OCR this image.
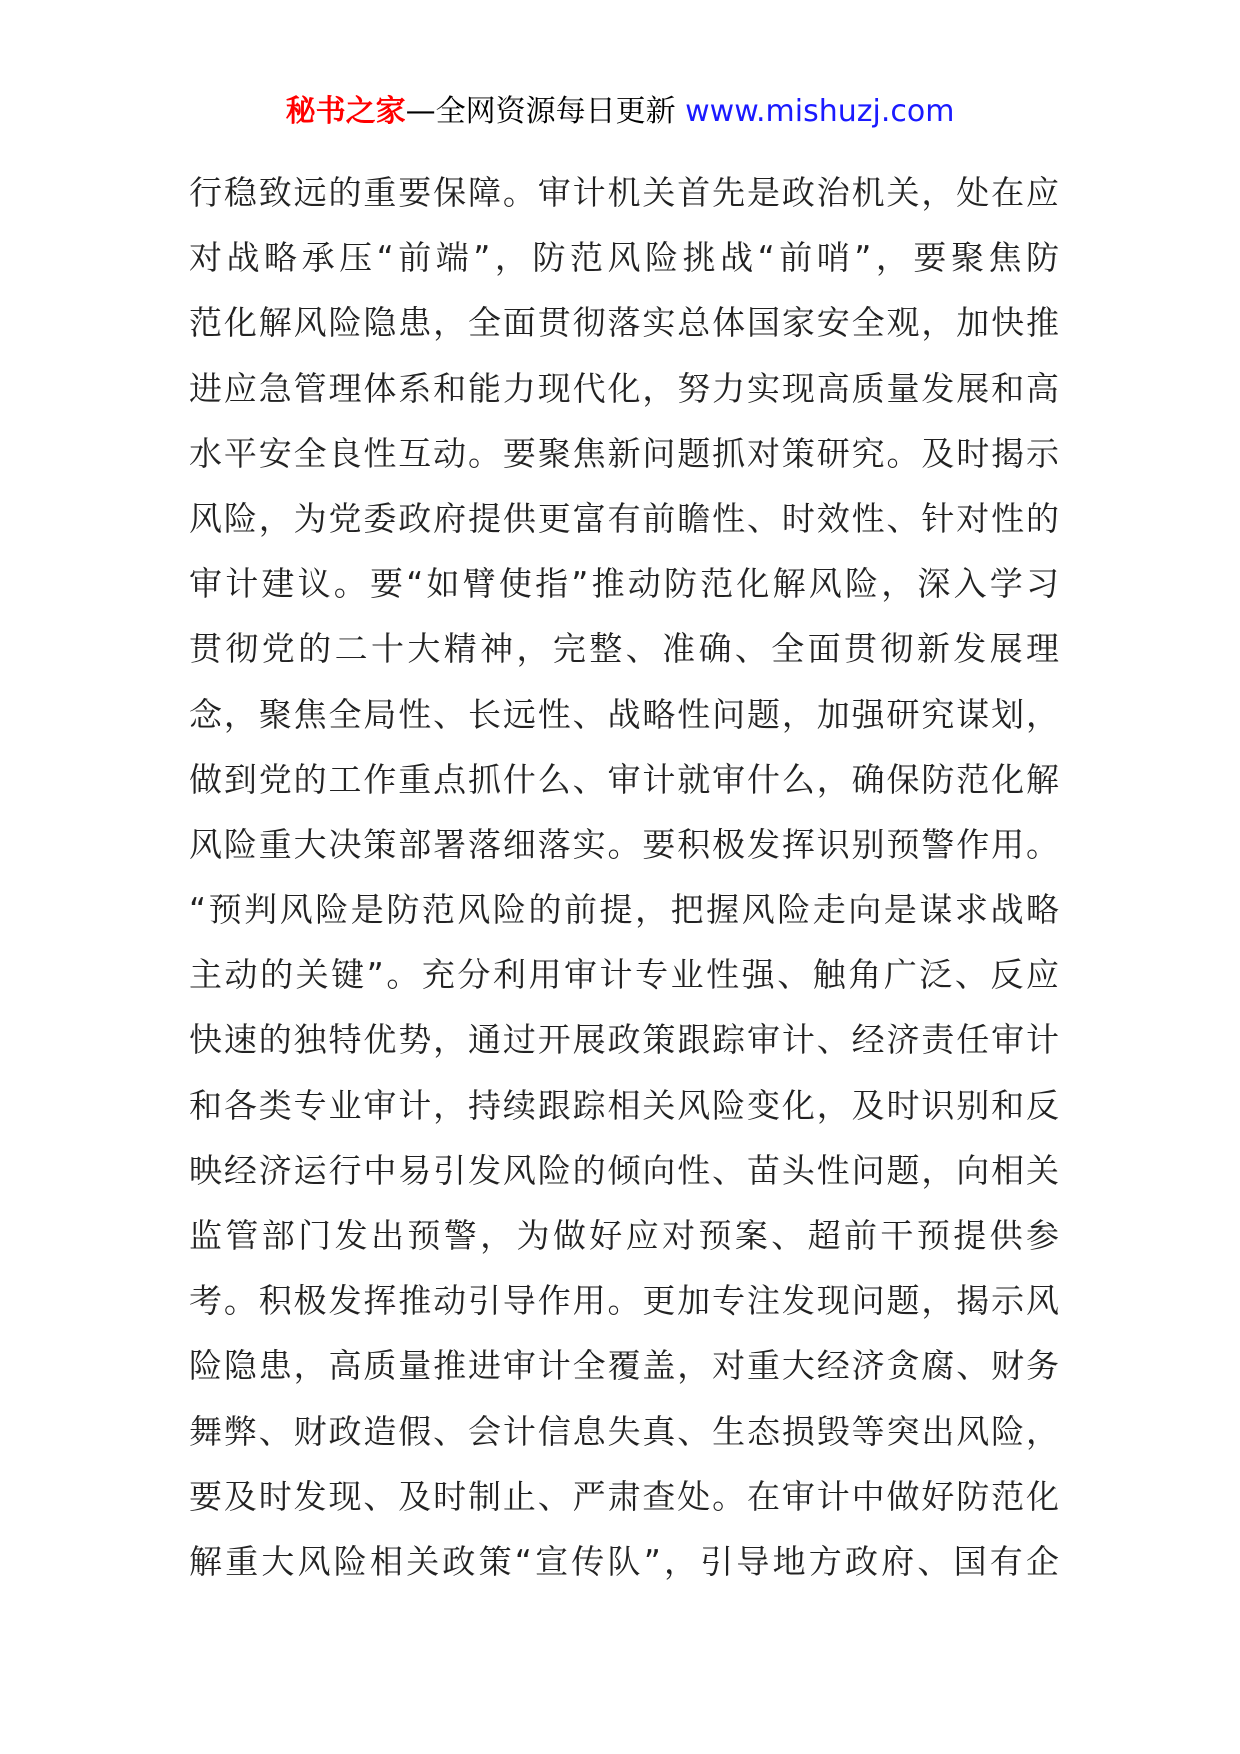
秘书之家—全网资源每日更新 www.mishuzj.com
行稳致远的重要保障。审计机关首先是政治机关，处在应
对战略承压“前端”，防范风险挑战“前哨”，要聚焦防
范化解风险隐患，全面贯彻落实总体国家安全观，加快推
进应急管理体系和能力现代化，努力实现高质量发展和高
水平安全良性互动。要聚焦新问题抓对策研究。及时揭示
风险，为党委政府提供更富有前瞻性、时效性、针对性的
审计建议。要“如臂使指”推动防范化解风险，深入学习
贯彻党的二十大精神，完整、准确、全面贯彻新发展理
念，聚焦全局性、长远性、战略性问题，加强研究谋划，
做到党的工作重点抓什么、审计就审什么，确保防范化解
风险重大决策部署落细落实。要积极发挥识别预警作用。
“预判风险是防范风险的前提，把握风险走向是谋求战略
主动的关键”。充分利用审计专业性强、触角广泛、反应
快速的独特优势，通过开展政策跟踪审计、经济责任审计
和各类专业审计，持续跟踪相关风险变化，及时识别和反
映经济运行中易引发风险的倾向性、苗头性问题，向相关
监管部门发出预警，为做好应对预案、超前干预提供参
考。积极发挥推动引导作用。更加专注发现问题，揭示风
险隐患，高质量推进审计全覆盖，对重大经济贪腐、财务
舞弊、财政造假、会计信息失真、生态损毁等突出风险，
要及时发现、及时制止、严肃查处。在审计中做好防范化
解重大风险相关政策“宣传队”，引导地方政府、国有企
